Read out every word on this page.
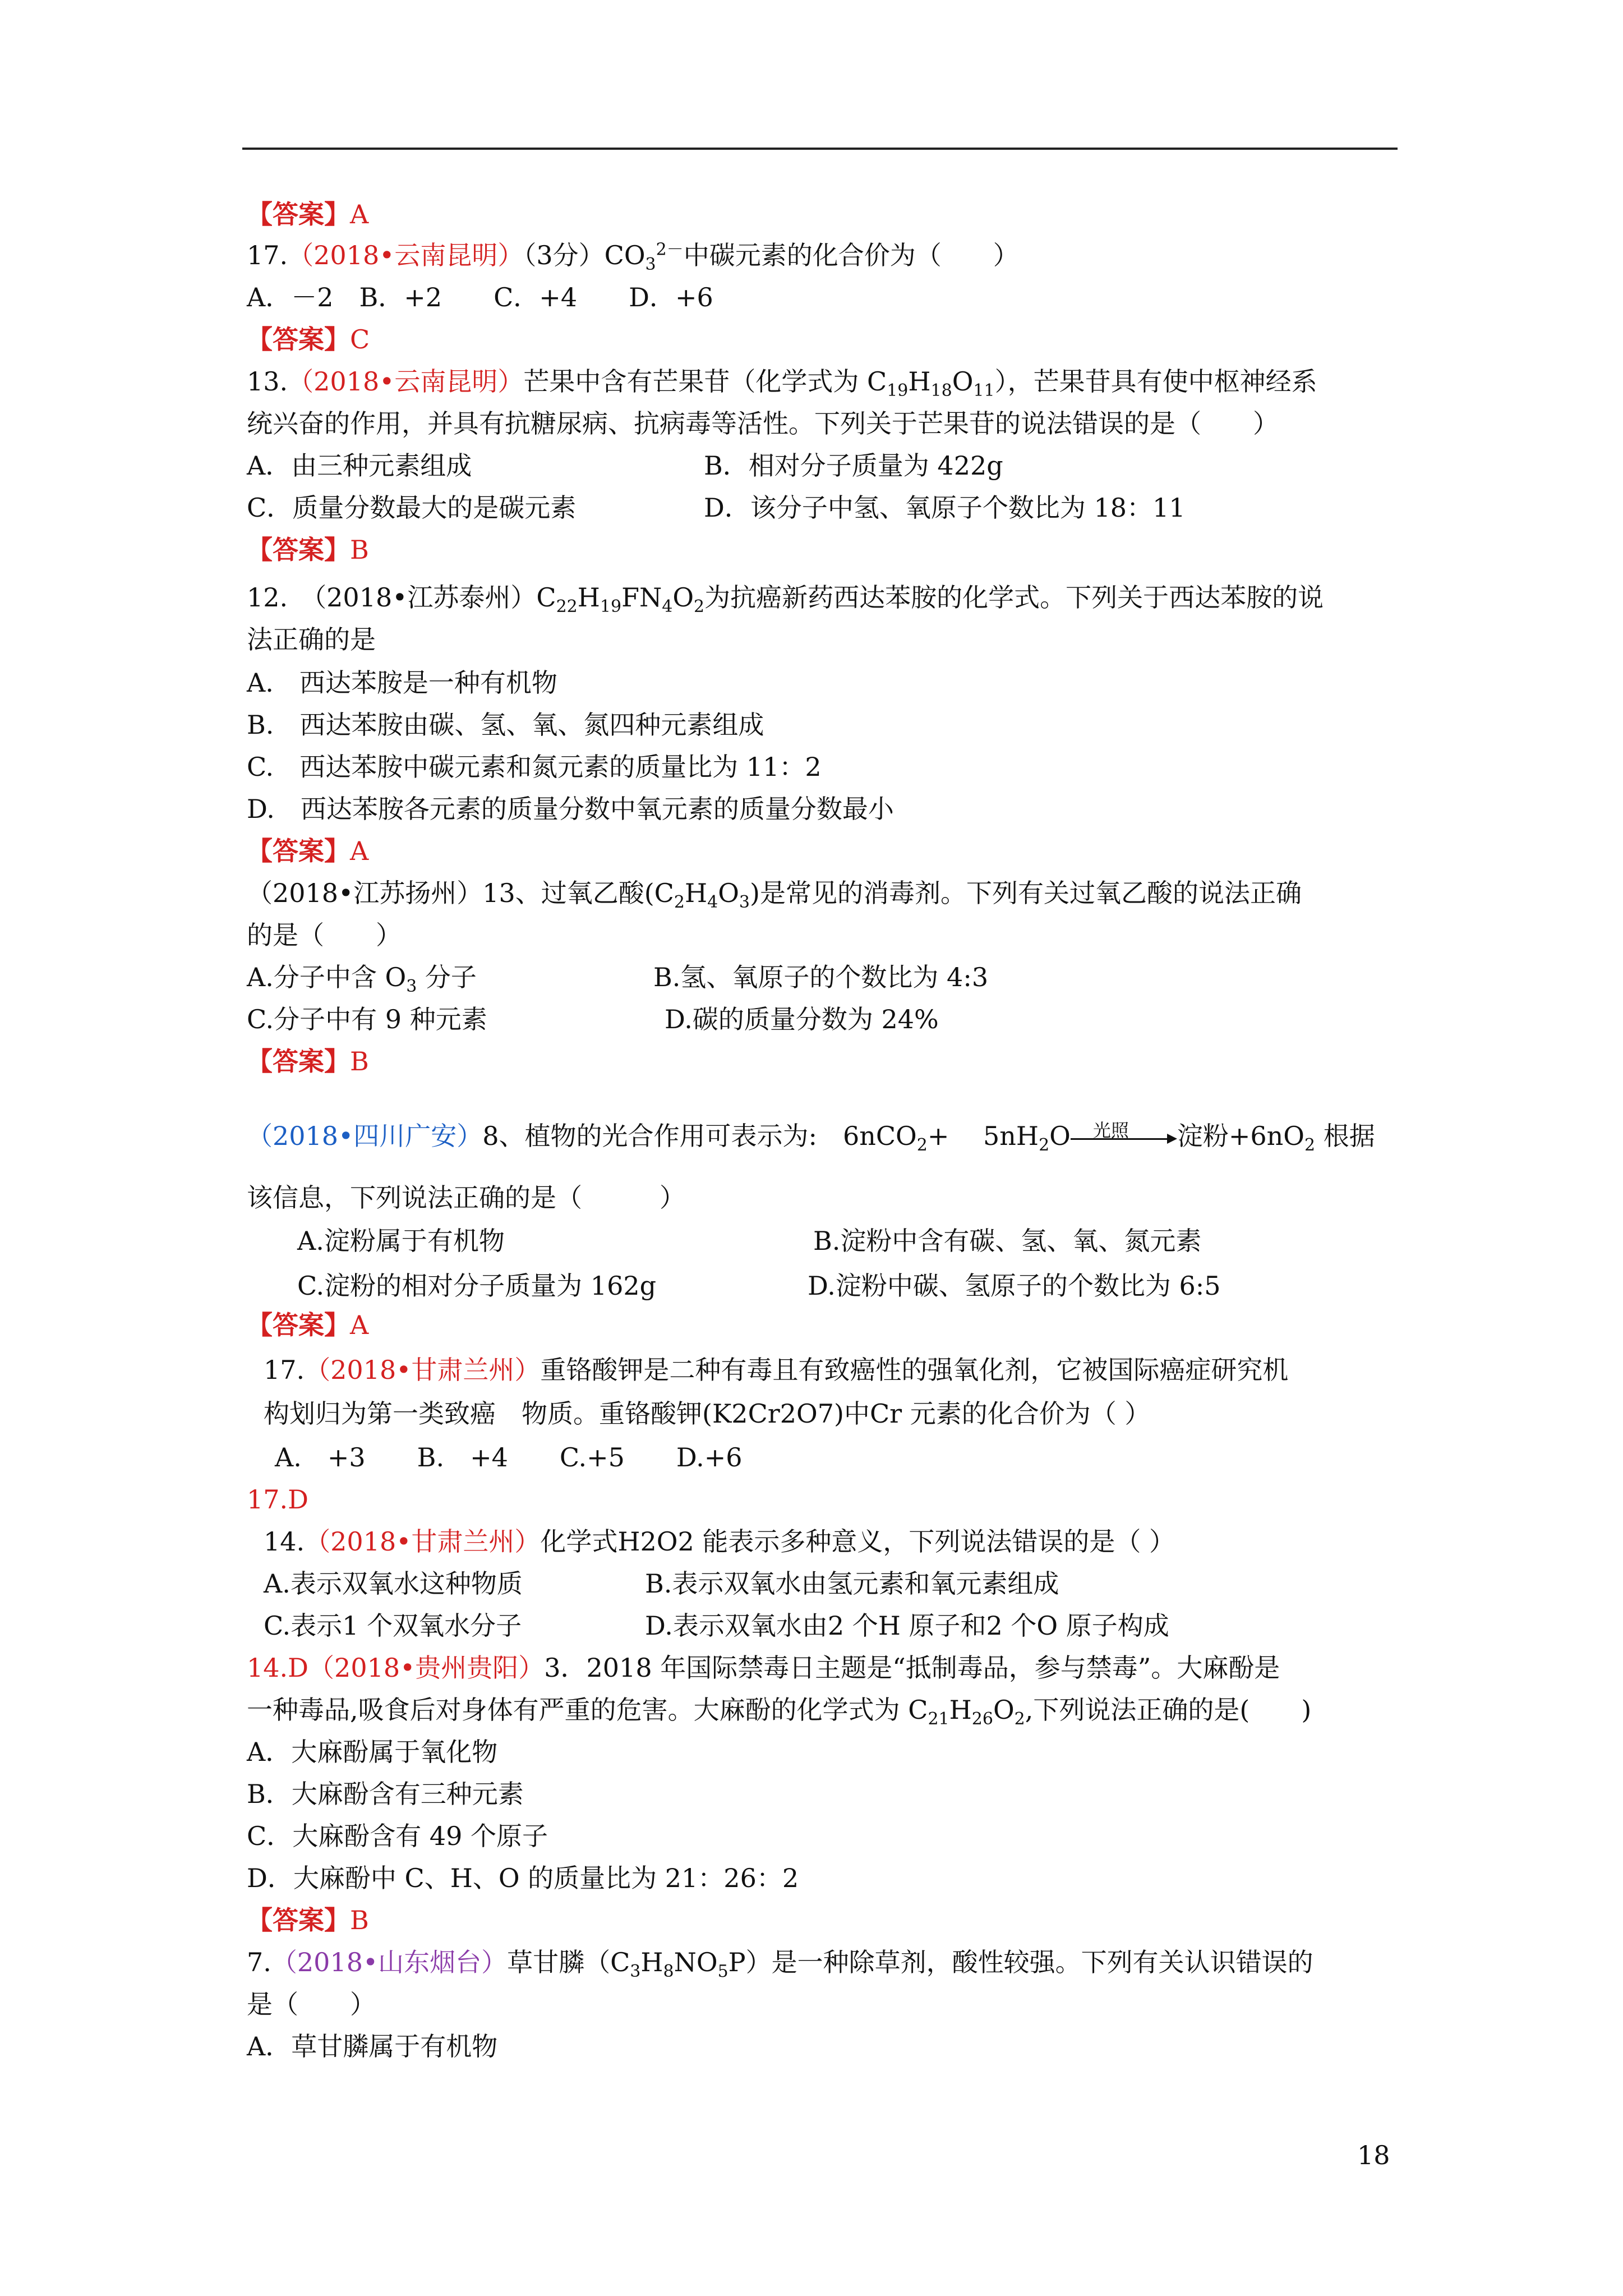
【答案】A
17.（2018•云南昆明）（3分）$CO_3^{2-}$中碳元素的化合价为（　　）
A．－2　B．+2　　C．+4　　D．+6
【答案】C
13.（2018•云南昆明）芒果中含有芒果苷（化学式为 $C_{19}H_{18}O_{11}$），芒果苷具有使中枢神经系
统兴奋的作用，并具有抗糖尿病、抗病毒等活性。下列关于芒果苷的说法错误的是（　　）
A．由三种元素组成	B．相对分子质量为 422g
C．质量分数最大的是碳元素	D．该分子中氢、氧原子个数比为 18：11
【答案】B
12.　（2018•江苏泰州）$C_{22}H_{19}FN_4O_2$为抗癌新药西达苯胺的化学式。下列关于西达苯胺的说
法正确的是
A.　西达苯胺是一种有机物
B.　西达苯胺由碳、氢、氧、氮四种元素组成
C.　西达苯胺中碳元素和氮元素的质量比为 11：2
D.　西达苯胺各元素的质量分数中氧元素的质量分数最小
【答案】A
（2018•江苏扬州）13、过氧乙酸$(C_2H_4O_3)$是常见的消毒剂。下列有关过氧乙酸的说法正确
的是（　　）
A.分子中含 $O_3$ 分子	B.氢、氧原子的个数比为 4:3
C.分子中有 9 种元素	D.碳的质量分数为 24%
【答案】B
（2018•四川广安）8、植物的光合作用可表示为:　6nCO$_2$+　 $5nH_2O$ 光照 淀粉$+6nO_2$ 根据
该信息，下列说法正确的是（　　　）
A.淀粉属于有机物	B.淀粉中含有碳、氢、氧、氮元素
C.淀粉的相对分子质量为 162g	D.淀粉中碳、氢原子的个数比为 6:5
【答案】A
17.（2018•甘肃兰州）重铬酸钾是二种有毒且有致癌性的强氧化剂，它被国际癌症研究机
构划归为第一类致癌　物质。重铬酸钾(K2Cr2O7)中Cr 元素的化合价为（ ）
A.　+3　　B.　+4　　C.+5　　D.+6
17.D
14.（2018•甘肃兰州）化学式H2O2 能表示多种意义，下列说法错误的是（ ）
A.表示双氧水这种物质	B.表示双氧水由氢元素和氧元素组成
C.表示1 个双氧水分子	D.表示双氧水由2 个H 原子和2 个O 原子构成
14.D（2018•贵州贵阳）3．2018 年国际禁毒日主题是“抵制毒品，参与禁毒”。大麻酚是
一种毒品,吸食后对身体有严重的危害。大麻酚的化学式为 $C_{21}H_{26}O_2$,下列说法正确的是(　　)
A．大麻酚属于氧化物
B．大麻酚含有三种元素
C．大麻酚含有 49 个原子
D．大麻酚中 C、H、O 的质量比为 21：26：2
【答案】B
7.（2018•山东烟台）草甘膦$(C_3H_8NO_5P)$是一种除草剂，酸性较强。下列有关认识错误的
是（　　）
A．草甘膦属于有机物
18
